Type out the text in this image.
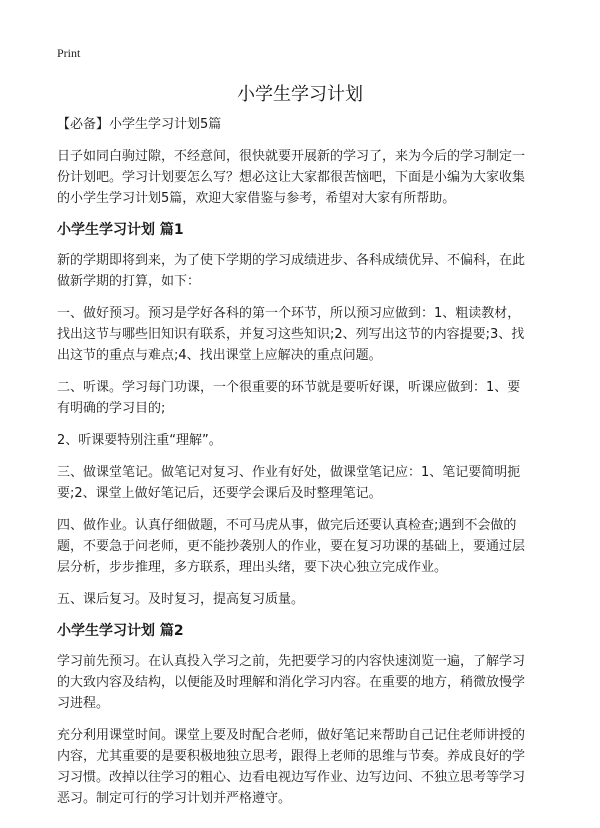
Print
小学生学习计划

【必备】小学生学习计划5篇

日子如同白驹过隙，不经意间，很快就要开展新的学习了，来为今后的学习制定一
份计划吧。学习计划要怎么写？想必这让大家都很苦恼吧，下面是小编为大家收集
的小学生学习计划5篇，欢迎大家借鉴与参考，希望对大家有所帮助。

小学生学习计划 篇1

新的学期即将到来，为了使下学期的学习成绩进步、各科成绩优异、不偏科，在此
做新学期的打算，如下：

一、做好预习。预习是学好各科的第一个环节，所以预习应做到：1、粗读教材，
找出这节与哪些旧知识有联系，并复习这些知识;2、列写出这节的内容提要;3、找
出这节的重点与难点;4、找出课堂上应解决的重点问题。

二、听课。学习每门功课，一个很重要的环节就是要听好课，听课应做到：1、要
有明确的学习目的;

2、听课要特别注重“理解”。

三、做课堂笔记。做笔记对复习、作业有好处，做课堂笔记应：1、笔记要简明扼
要;2、课堂上做好笔记后，还要学会课后及时整理笔记。

四、做作业。认真仔细做题，不可马虎从事，做完后还要认真检查;遇到不会做的
题，不要急于问老师，更不能抄袭别人的作业，要在复习功课的基础上，要通过层
层分析，步步推理，多方联系，理出头绪，要下决心独立完成作业。

五、课后复习。及时复习，提高复习质量。

小学生学习计划 篇2

学习前先预习。在认真投入学习之前，先把要学习的内容快速浏览一遍，了解学习
的大致内容及结构，以便能及时理解和消化学习内容。在重要的地方，稍微放慢学
习进程。

充分利用课堂时间。课堂上要及时配合老师，做好笔记来帮助自己记住老师讲授的
内容，尤其重要的是要积极地独立思考，跟得上老师的思维与节奏。养成良好的学
习习惯。改掉以往学习的粗心、边看电视边写作业、边写边问、不独立思考等学习
恶习。制定可行的学习计划并严格遵守。
